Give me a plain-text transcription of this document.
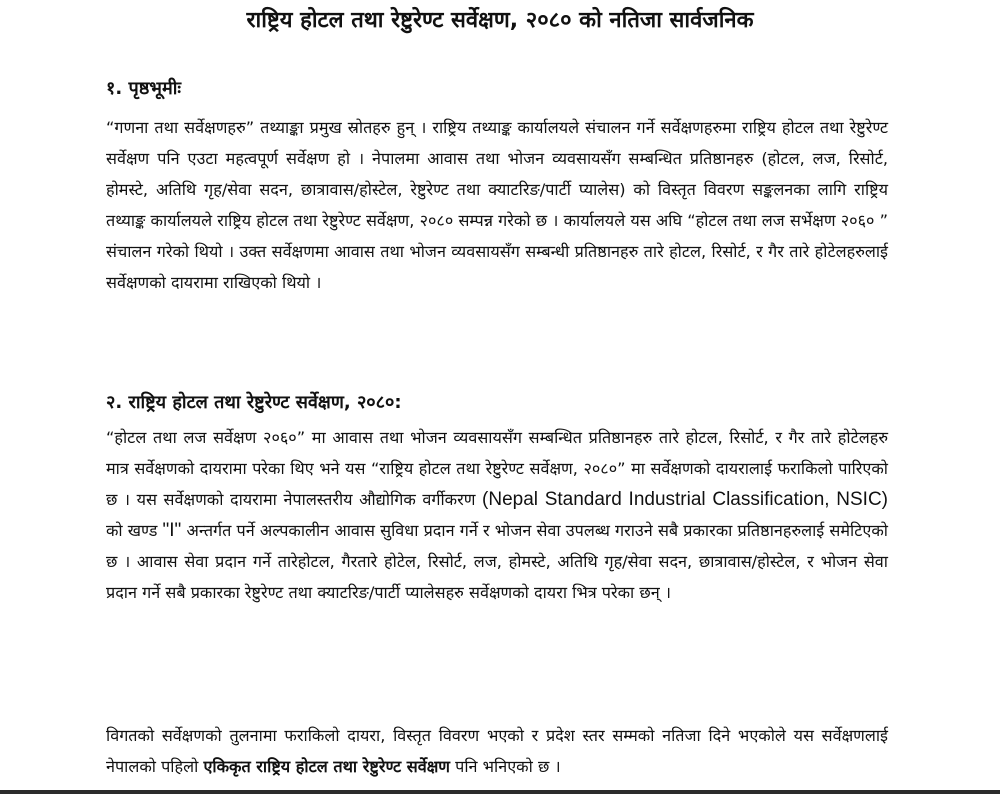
राष्ट्रिय होटल तथा रेष्टुरेण्ट सर्वेक्षण, २०८० को नतिजा सार्वजनिक
१. पृष्ठभूमीः

“गणना तथा सर्वेक्षणहरु” तथ्याङ्का प्रमुख स्रोतहरु हुन् । राष्ट्रिय तथ्याङ्क कार्यालयले संचालन गर्ने सर्वेक्षणहरुमा राष्ट्रिय होटल तथा रेष्टुरेण्ट सर्वेक्षण पनि एउटा महत्वपूर्ण सर्वेक्षण हो । नेपालमा आवास तथा भोजन व्यवसायसँग सम्बन्धित प्रतिष्ठानहरु (होटल, लज, रिसोर्ट, होमस्टे, अतिथि गृह/सेवा सदन, छात्रावास/होस्टेल, रेष्टुरेण्ट तथा क्याटरिङ/पार्टी प्यालेस) को विस्तृत विवरण सङ्कलनका लागि राष्ट्रिय तथ्याङ्क कार्यालयले राष्ट्रिय होटल तथा रेष्टुरेण्ट सर्वेक्षण, २०८० सम्पन्न गरेको छ । कार्यालयले यस अघि “होटल तथा लज सर्भेक्षण २०६० ” संचालन गरेको थियो । उक्त सर्वेक्षणमा आवास तथा भोजन व्यवसायसँग सम्बन्धी प्रतिष्ठानहरु तारे होटल, रिसोर्ट, र गैर तारे होटेलहरुलाई सर्वेक्षणको दायरामा राखिएको थियो ।

२. राष्ट्रिय होटल तथा रेष्टुरेण्ट सर्वेक्षण, २०८०:

“होटल तथा लज सर्वेक्षण २०६०” मा आवास तथा भोजन व्यवसायसँग सम्बन्धित प्रतिष्ठानहरु तारे होटल, रिसोर्ट, र गैर तारे होटेलहरु मात्र सर्वेक्षणको दायरामा परेका थिए भने यस “राष्ट्रिय होटल तथा रेष्टुरेण्ट सर्वेक्षण, २०८०” मा सर्वेक्षणको दायरालाई फराकिलो पारिएको छ । यस सर्वेक्षणको दायरामा नेपालस्तरीय औद्योगिक वर्गीकरण (Nepal Standard Industrial Classification, NSIC) को खण्ड "I" अन्तर्गत पर्ने अल्पकालीन आवास सुविधा प्रदान गर्ने र भोजन सेवा उपलब्ध गराउने सबै प्रकारका प्रतिष्ठानहरुलाई समेटिएको छ । आवास सेवा प्रदान गर्ने तारेहोटल, गैरतारे होटेल, रिसोर्ट, लज, होमस्टे, अतिथि गृह/सेवा सदन, छात्रावास/होस्टेल, र भोजन सेवा प्रदान गर्ने सबै प्रकारका रेष्टुरेण्ट तथा क्याटरिङ/पार्टी प्यालेसहरु सर्वेक्षणको दायरा भित्र परेका छन् ।

विगतको सर्वेक्षणको तुलनामा फराकिलो दायरा, विस्तृत विवरण भएको र प्रदेश स्तर सम्मको नतिजा दिने भएकोले यस सर्वेक्षणलाई नेपालको पहिलो एकिकृत राष्ट्रिय होटल तथा रेष्टुरेण्ट सर्वेक्षण पनि भनिएको छ ।
